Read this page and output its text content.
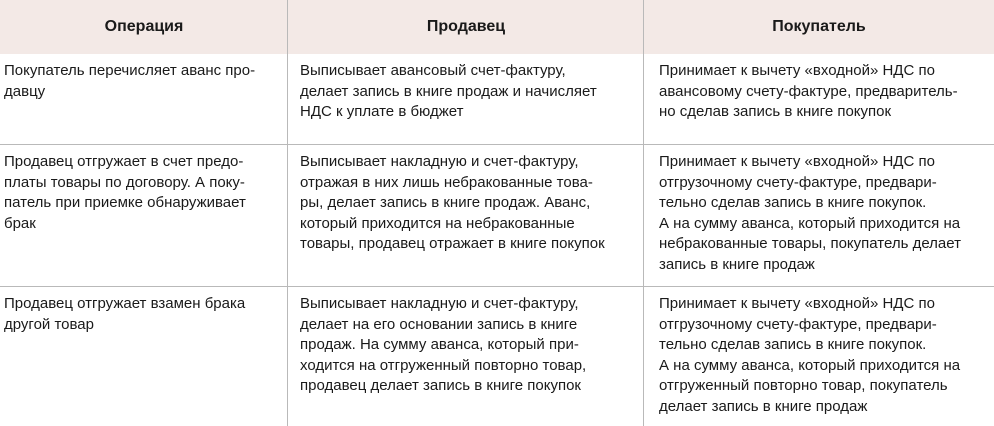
Операция	Продавец	Покупатель
Покупатель перечисляет аванс про-
давцу
Выписывает авансовый счет-фактуру,
делает запись в книге продаж и начисляет
НДС к уплате в бюджет
Принимает к вычету «входной» НДС по
авансовому счету-фактуре, предваритель-
но сделав запись в книге покупок
Продавец отгружает в счет предо-
платы товары по договору. А поку-
патель при приемке обнаруживает
брак
Выписывает накладную и счет-фактуру,
отражая в них лишь небракованные това-
ры, делает запись в книге продаж. Аванс,
который приходится на небракованные
товары, продавец отражает в книге покупок
Принимает к вычету «входной» НДС по
отгрузочному счету-фактуре, предвари-
тельно сделав запись в книге покупок.
А на сумму аванса, который приходится на
небракованные товары, покупатель делает
запись в книге продаж
Продавец отгружает взамен брака
другой товар
Выписывает накладную и счет-фактуру,
делает на его основании запись в книге
продаж. На сумму аванса, который при-
ходится на отгруженный повторно товар,
продавец делает запись в книге покупок
Принимает к вычету «входной» НДС по
отгрузочному счету-фактуре, предвари-
тельно сделав запись в книге покупок.
А на сумму аванса, который приходится на
отгруженный повторно товар, покупатель
делает запись в книге продаж
